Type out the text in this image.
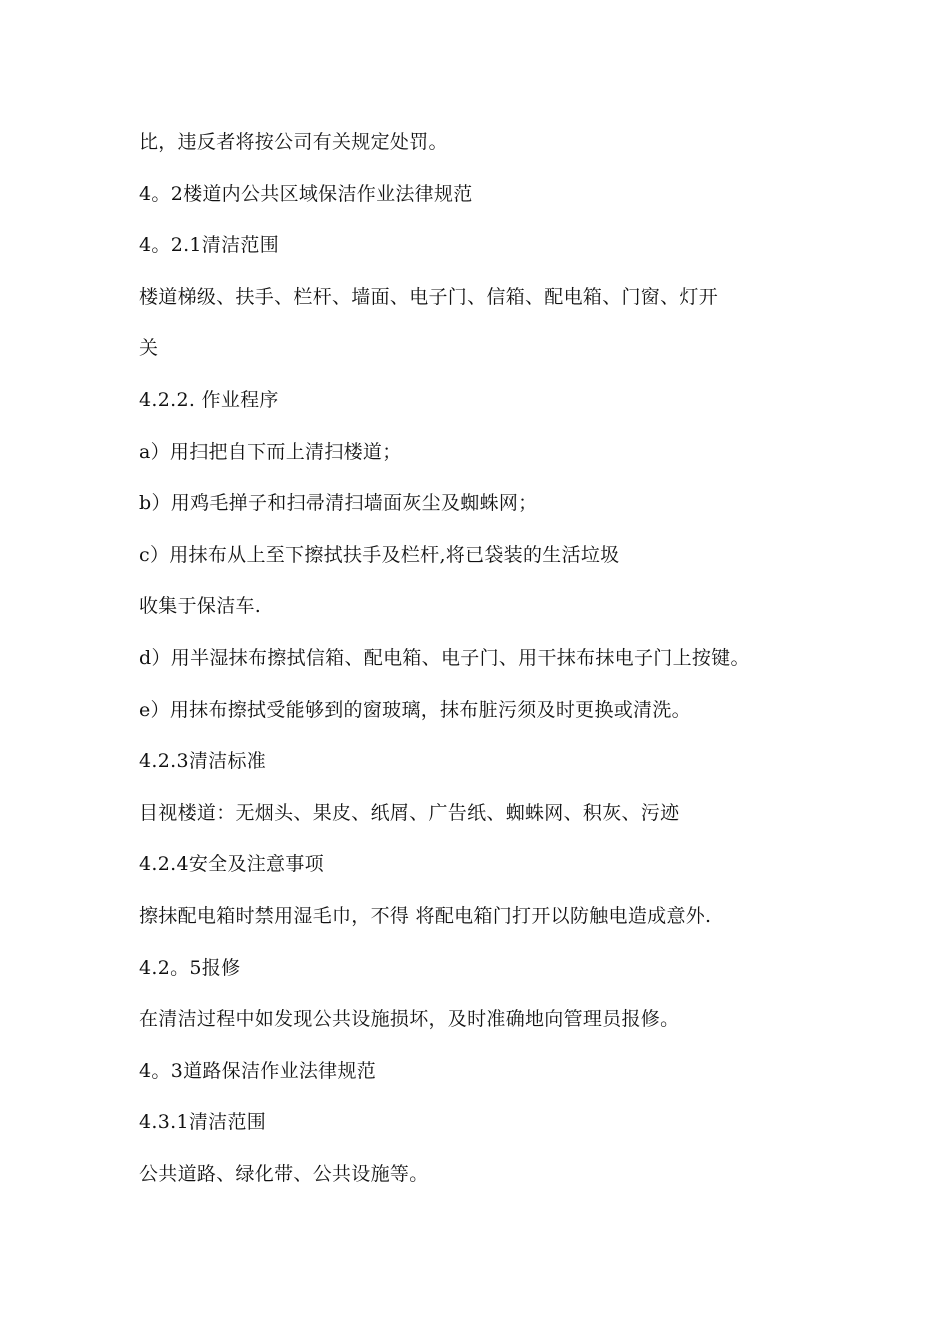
比，违反者将按公司有关规定处罚。
4。2楼道内公共区域保洁作业法律规范
4。2.1清洁范围
楼道梯级、扶手、栏杆、墙面、电子门、信箱、配电箱、门窗、灯开
关
4.2.2. 作业程序
a）用扫把自下而上清扫楼道；
b）用鸡毛掸子和扫帚清扫墙面灰尘及蜘蛛网；
c）用抹布从上至下擦拭扶手及栏杆,将已袋装的生活垃圾
收集于保洁车.
d）用半湿抹布擦拭信箱、配电箱、电子门、用干抹布抹电子门上按键。
e）用抹布擦拭受能够到的窗玻璃，抹布脏污须及时更换或清洗。
4.2.3清洁标准
目视楼道：无烟头、果皮、纸屑、广告纸、蜘蛛网、积灰、污迹
4.2.4安全及注意事项
擦抹配电箱时禁用湿毛巾，不得 将配电箱门打开以防触电造成意外.
4.2。5报修
在清洁过程中如发现公共设施损坏，及时准确地向管理员报修。
4。3道路保洁作业法律规范
4.3.1清洁范围
公共道路、绿化带、公共设施等。
